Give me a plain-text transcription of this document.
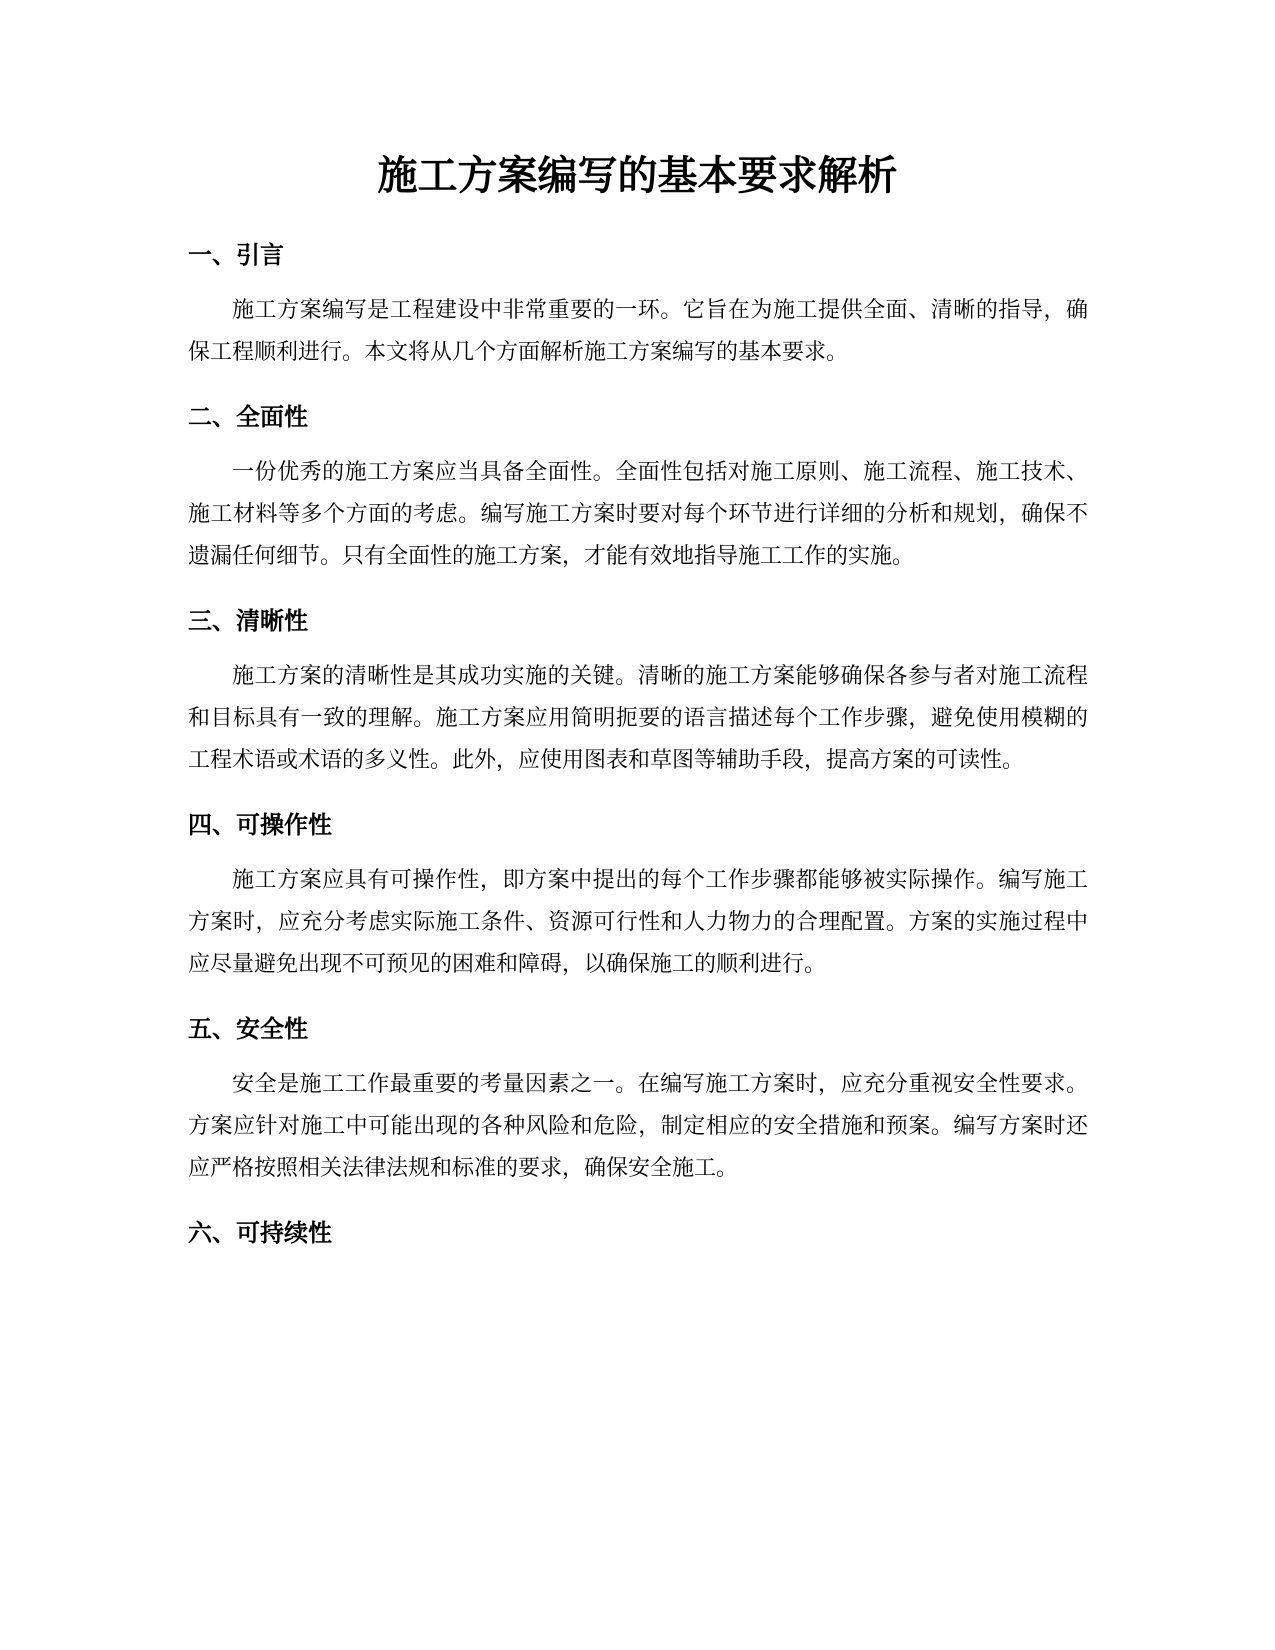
施工方案编写的基本要求解析
一、引言

施工方案编写是工程建设中非常重要的一环。它旨在为施工提供全面、清晰的指导，确保工程顺利进行。本文将从几个方面解析施工方案编写的基本要求。

二、全面性

一份优秀的施工方案应当具备全面性。全面性包括对施工原则、施工流程、施工技术、施工材料等多个方面的考虑。编写施工方案时要对每个环节进行详细的分析和规划，确保不遗漏任何细节。只有全面性的施工方案，才能有效地指导施工工作的实施。

三、清晰性

施工方案的清晰性是其成功实施的关键。清晰的施工方案能够确保各参与者对施工流程和目标具有一致的理解。施工方案应用简明扼要的语言描述每个工作步骤，避免使用模糊的工程术语或术语的多义性。此外，应使用图表和草图等辅助手段，提高方案的可读性。

四、可操作性

施工方案应具有可操作性，即方案中提出的每个工作步骤都能够被实际操作。编写施工方案时，应充分考虑实际施工条件、资源可行性和人力物力的合理配置。方案的实施过程中应尽量避免出现不可预见的困难和障碍，以确保施工的顺利进行。

五、安全性

安全是施工工作最重要的考量因素之一。在编写施工方案时，应充分重视安全性要求。方案应针对施工中可能出现的各种风险和危险，制定相应的安全措施和预案。编写方案时还应严格按照相关法律法规和标准的要求，确保安全施工。

六、可持续性
